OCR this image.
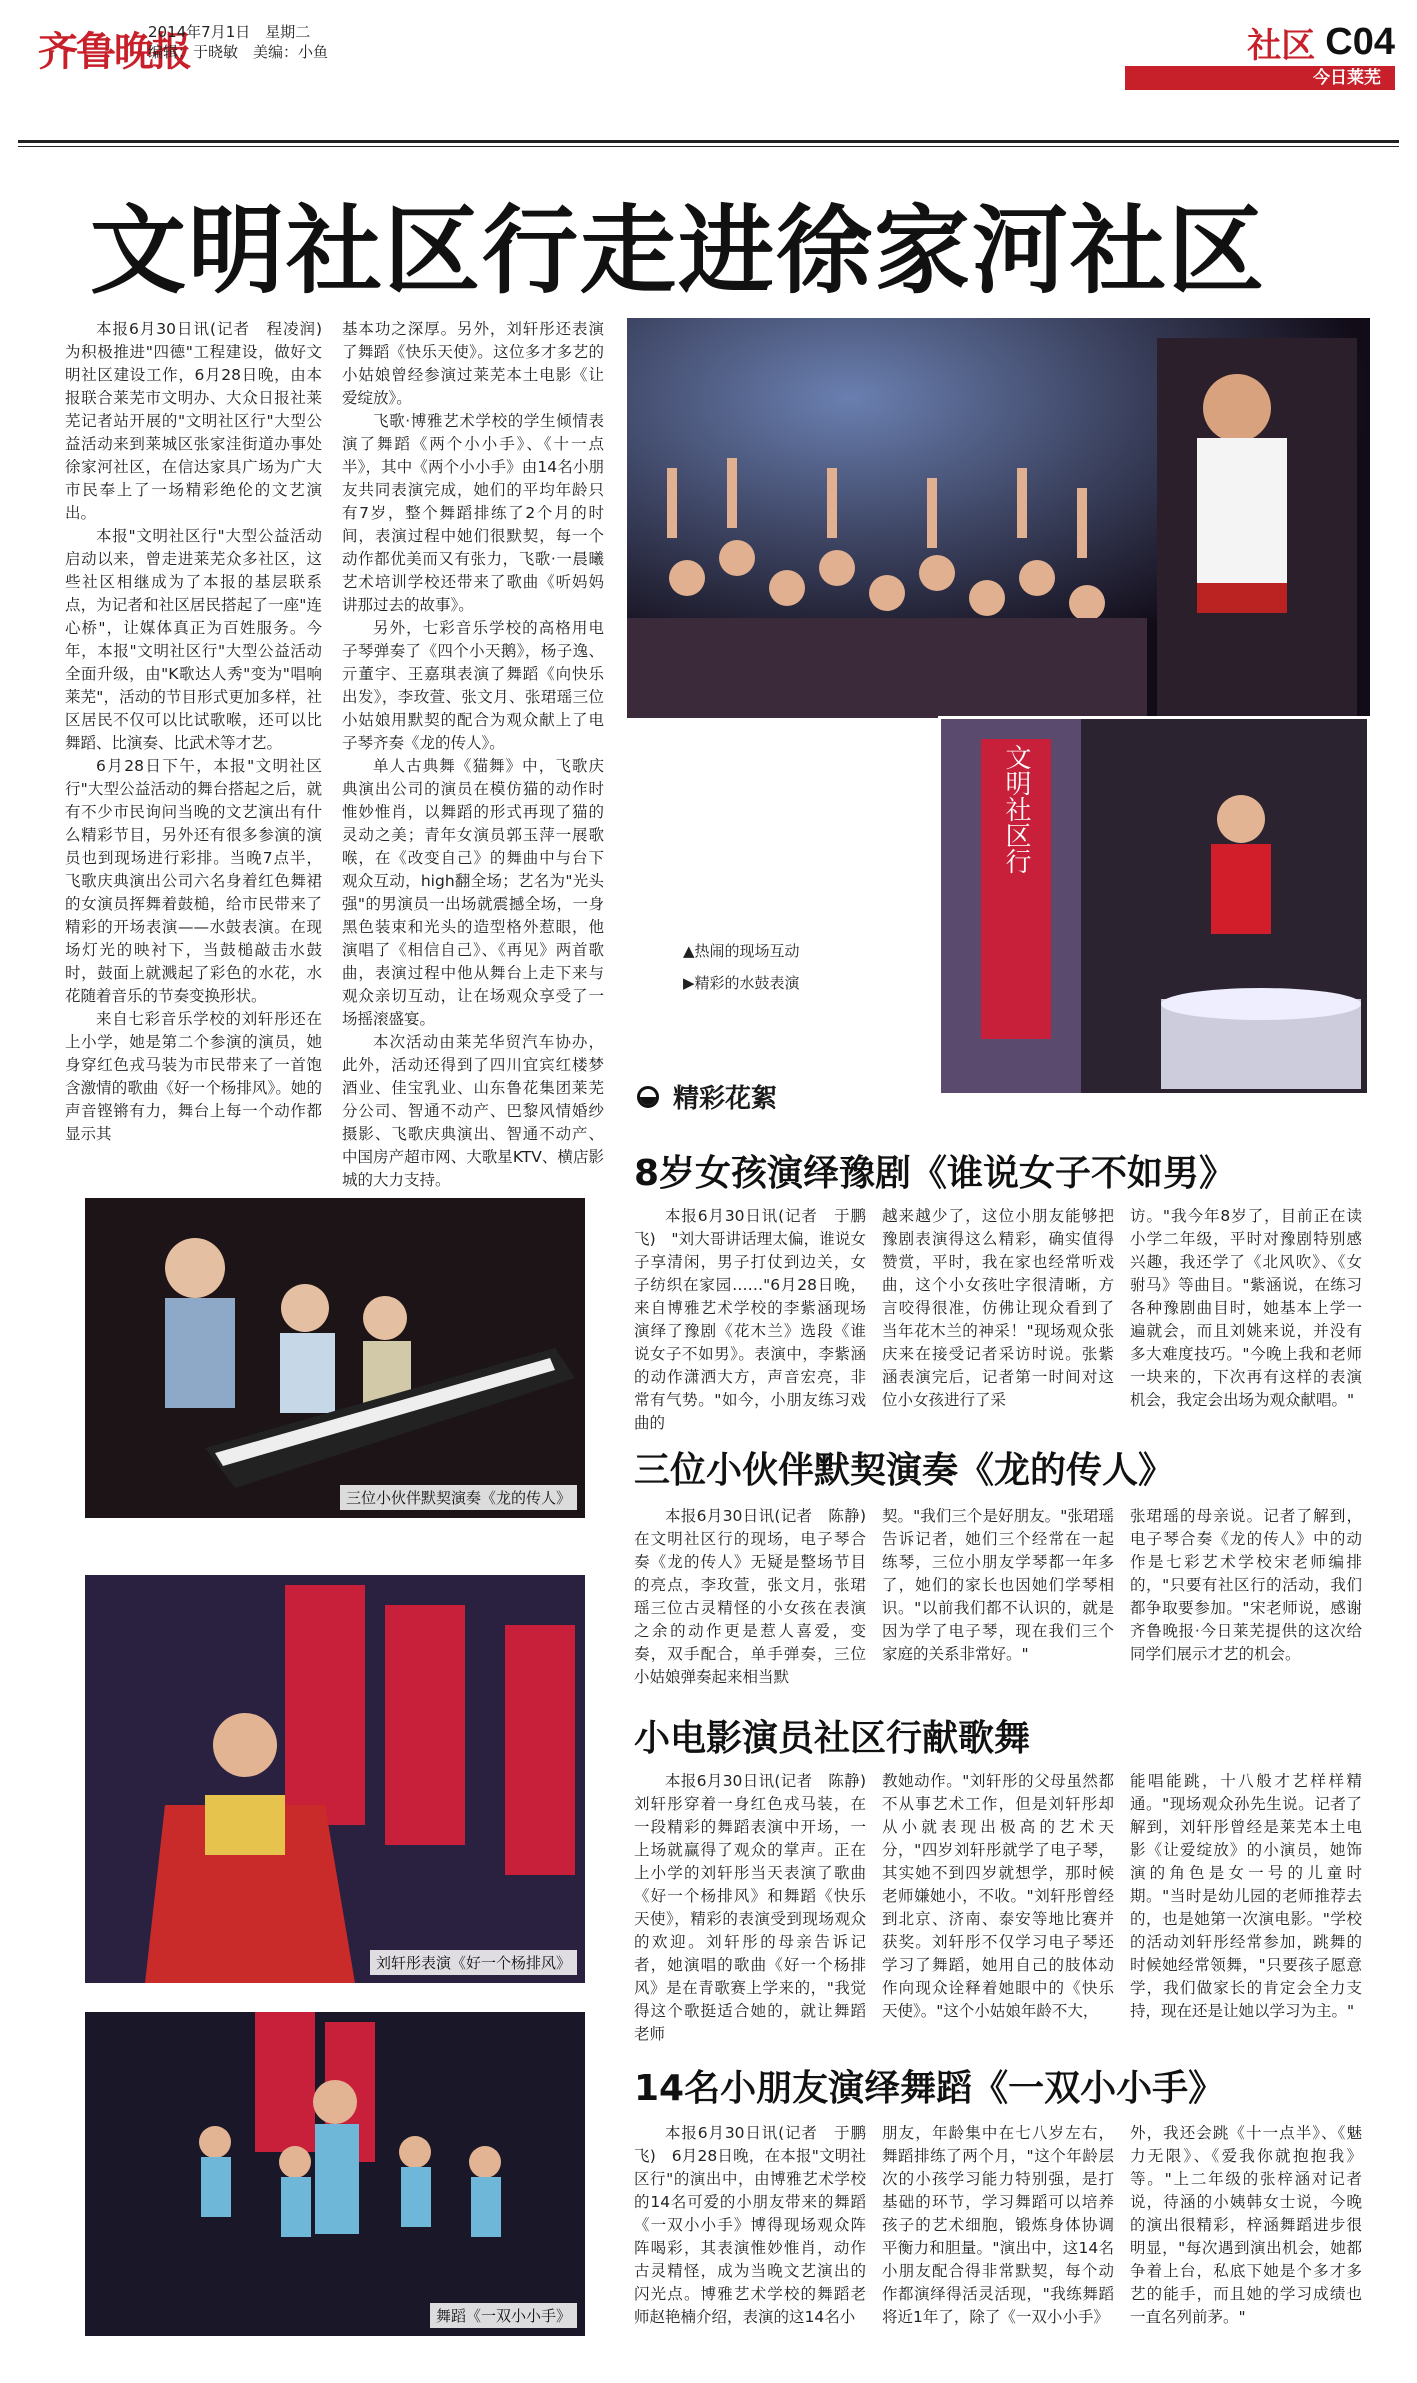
齐鲁晚报
2014年7月1日　星期二
编辑：于晓敏　美编：小鱼	社区 C04
今日莱芜
文明社区行走进徐家河社区

本报6月30日讯(记者　程凌润)　为积极推进"四德"工程建设，做好文明社区建设工作，6月28日晚，由本报联合莱芜市文明办、大众日报社莱芜记者站开展的"文明社区行"大型公益活动来到莱城区张家洼街道办事处徐家河社区，在信达家具广场为广大市民奉上了一场精彩绝伦的文艺演出。

本报"文明社区行"大型公益活动启动以来，曾走进莱芜众多社区，这些社区相继成为了本报的基层联系点，为记者和社区居民搭起了一座"连心桥"，让媒体真正为百姓服务。今年，本报"文明社区行"大型公益活动全面升级，由"K歌达人秀"变为"唱响莱芜"，活动的节目形式更加多样，社区居民不仅可以比试歌喉，还可以比舞蹈、比演奏、比武术等才艺。

6月28日下午，本报"文明社区行"大型公益活动的舞台搭起之后，就有不少市民询问当晚的文艺演出有什么精彩节目，另外还有很多参演的演员也到现场进行彩排。当晚7点半，飞歌庆典演出公司六名身着红色舞裙的女演员挥舞着鼓槌，给市民带来了精彩的开场表演——水鼓表演。在现场灯光的映衬下，当鼓槌敲击水鼓时，鼓面上就溅起了彩色的水花，水花随着音乐的节奏变换形状。

来自七彩音乐学校的刘轩彤还在上小学，她是第二个参演的演员，她身穿红色戎马装为市民带来了一首饱含激情的歌曲《好一个杨排风》。她的声音铿锵有力，舞台上每一个动作都显示其

基本功之深厚。另外，刘轩彤还表演了舞蹈《快乐天使》。这位多才多艺的小姑娘曾经参演过莱芜本土电影《让爱绽放》。

飞歌·博雅艺术学校的学生倾情表演了舞蹈《两个小小手》、《十一点半》，其中《两个小小手》由14名小朋友共同表演完成，她们的平均年龄只有7岁，整个舞蹈排练了2个月的时间，表演过程中她们很默契，每一个动作都优美而又有张力，飞歌·一晨曦艺术培训学校还带来了歌曲《听妈妈讲那过去的故事》。

另外，七彩音乐学校的高格用电子琴弹奏了《四个小天鹅》，杨子逸、亓董宇、王嘉琪表演了舞蹈《向快乐出发》，李玫萱、张文月、张珺瑶三位小姑娘用默契的配合为观众献上了电子琴齐奏《龙的传人》。

单人古典舞《猫舞》中，飞歌庆典演出公司的演员在模仿猫的动作时惟妙惟肖，以舞蹈的形式再现了猫的灵动之美；青年女演员郭玉萍一展歌喉，在《改变自己》的舞曲中与台下观众互动，high翻全场；艺名为"光头强"的男演员一出场就震撼全场，一身黑色装束和光头的造型格外惹眼，他演唱了《相信自己》、《再见》两首歌曲，表演过程中他从舞台上走下来与观众亲切互动，让在场观众享受了一场摇滚盛宴。

本次活动由莱芜华贸汽车协办，此外，活动还得到了四川宜宾红楼梦酒业、佳宝乳业、山东鲁花集团莱芜分公司、智通不动产、巴黎风情婚纱摄影、飞歌庆典演出、智通不动产、中国房产超市网、大歌星KTV、横店影城的大力支持。

文明社区行
▲热闹的现场互动
▶精彩的水鼓表演
精彩花絮
三位小伙伴默契演奏《龙的传人》
刘轩彤表演《好一个杨排风》
舞蹈《一双小小手》
8岁女孩演绎豫剧《谁说女子不如男》

本报6月30日讯(记者　于鹏飞)　"刘大哥讲话理太偏，谁说女子享清闲，男子打仗到边关，女子纺织在家园……"6月28日晚，来自博雅艺术学校的李紫涵现场演绎了豫剧《花木兰》选段《谁说女子不如男》。表演中，李紫涵的动作潇洒大方，声音宏亮，非常有气势。"如今，小朋友练习戏曲的

越来越少了，这位小朋友能够把豫剧表演得这么精彩，确实值得赞赏，平时，我在家也经常听戏曲，这个小女孩吐字很清晰，方言咬得很准，仿佛让现众看到了当年花木兰的神采！"现场观众张庆来在接受记者采访时说。张紫涵表演完后，记者第一时间对这位小女孩进行了采

访。"我今年8岁了，目前正在读小学二年级，平时对豫剧特别感兴趣，我还学了《北风吹》、《女驸马》等曲目。"紫涵说，在练习各种豫剧曲目时，她基本上学一遍就会，而且刘姚来说，并没有多大难度技巧。"今晚上我和老师一块来的，下次再有这样的表演机会，我定会出场为观众献唱。"

三位小伙伴默契演奏《龙的传人》

本报6月30日讯(记者　陈静)　在文明社区行的现场，电子琴合奏《龙的传人》无疑是整场节目的亮点，李玫萱，张文月，张珺瑶三位古灵精怪的小女孩在表演之余的动作更是惹人喜爱，变奏，双手配合，单手弹奏，三位小姑娘弹奏起来相当默

契。"我们三个是好朋友。"张珺瑶告诉记者，她们三个经常在一起练琴，三位小朋友学琴都一年多了，她们的家长也因她们学琴相识。"以前我们都不认识的，就是因为学了电子琴，现在我们三个家庭的关系非常好。"

张珺瑶的母亲说。记者了解到，电子琴合奏《龙的传人》中的动作是七彩艺术学校宋老师编排的，"只要有社区行的活动，我们都争取要参加。"宋老师说，感谢齐鲁晚报·今日莱芜提供的这次给同学们展示才艺的机会。

小电影演员社区行献歌舞

本报6月30日讯(记者　陈静)　刘轩彤穿着一身红色戎马装，在一段精彩的舞蹈表演中开场，一上场就赢得了观众的掌声。正在上小学的刘轩彤当天表演了歌曲《好一个杨排风》和舞蹈《快乐天使》，精彩的表演受到现场观众的欢迎。刘轩彤的母亲告诉记者，她演唱的歌曲《好一个杨排风》是在青歌赛上学来的，"我觉得这个歌挺适合她的，就让舞蹈老师

教她动作。"刘轩彤的父母虽然都不从事艺术工作，但是刘轩彤却从小就表现出极高的艺术天分，"四岁刘轩彤就学了电子琴，其实她不到四岁就想学，那时候老师嫌她小，不收。"刘轩彤曾经到北京、济南、泰安等地比赛并获奖。刘轩彤不仅学习电子琴还学习了舞蹈，她用自己的肢体动作向现众诠释着她眼中的《快乐天使》。"这个小姑娘年龄不大，

能唱能跳，十八般才艺样样精通。"现场观众孙先生说。记者了解到，刘轩彤曾经是莱芜本土电影《让爱绽放》的小演员，她饰演的角色是女一号的儿童时期。"当时是幼儿园的老师推荐去的，也是她第一次演电影。"学校的活动刘轩彤经常参加，跳舞的时候她经常领舞，"只要孩子愿意学，我们做家长的肯定会全力支持，现在还是让她以学习为主。"

14名小朋友演绎舞蹈《一双小小手》

本报6月30日讯(记者　于鹏飞)　6月28日晚，在本报"文明社区行"的演出中，由博雅艺术学校的14名可爱的小朋友带来的舞蹈《一双小小手》博得现场观众阵阵喝彩，其表演惟妙惟肖，动作古灵精怪，成为当晚文艺演出的闪光点。博雅艺术学校的舞蹈老师赵艳楠介绍，表演的这14名小

朋友，年龄集中在七八岁左右，舞蹈排练了两个月，"这个年龄层次的小孩学习能力特别强，是打基础的环节，学习舞蹈可以培养孩子的艺术细胞，锻炼身体协调平衡力和胆量。"演出中，这14名小朋友配合得非常默契，每个动作都演绎得活灵活现，"我练舞蹈将近1年了，除了《一双小小手》

外，我还会跳《十一点半》、《魅力无限》、《爱我你就抱抱我》等。"上二年级的张梓涵对记者说，待涵的小姨韩女士说，今晚的演出很精彩，梓涵舞蹈进步很明显，"每次遇到演出机会，她都争着上台，私底下她是个多才多艺的能手，而且她的学习成绩也一直名列前茅。"
